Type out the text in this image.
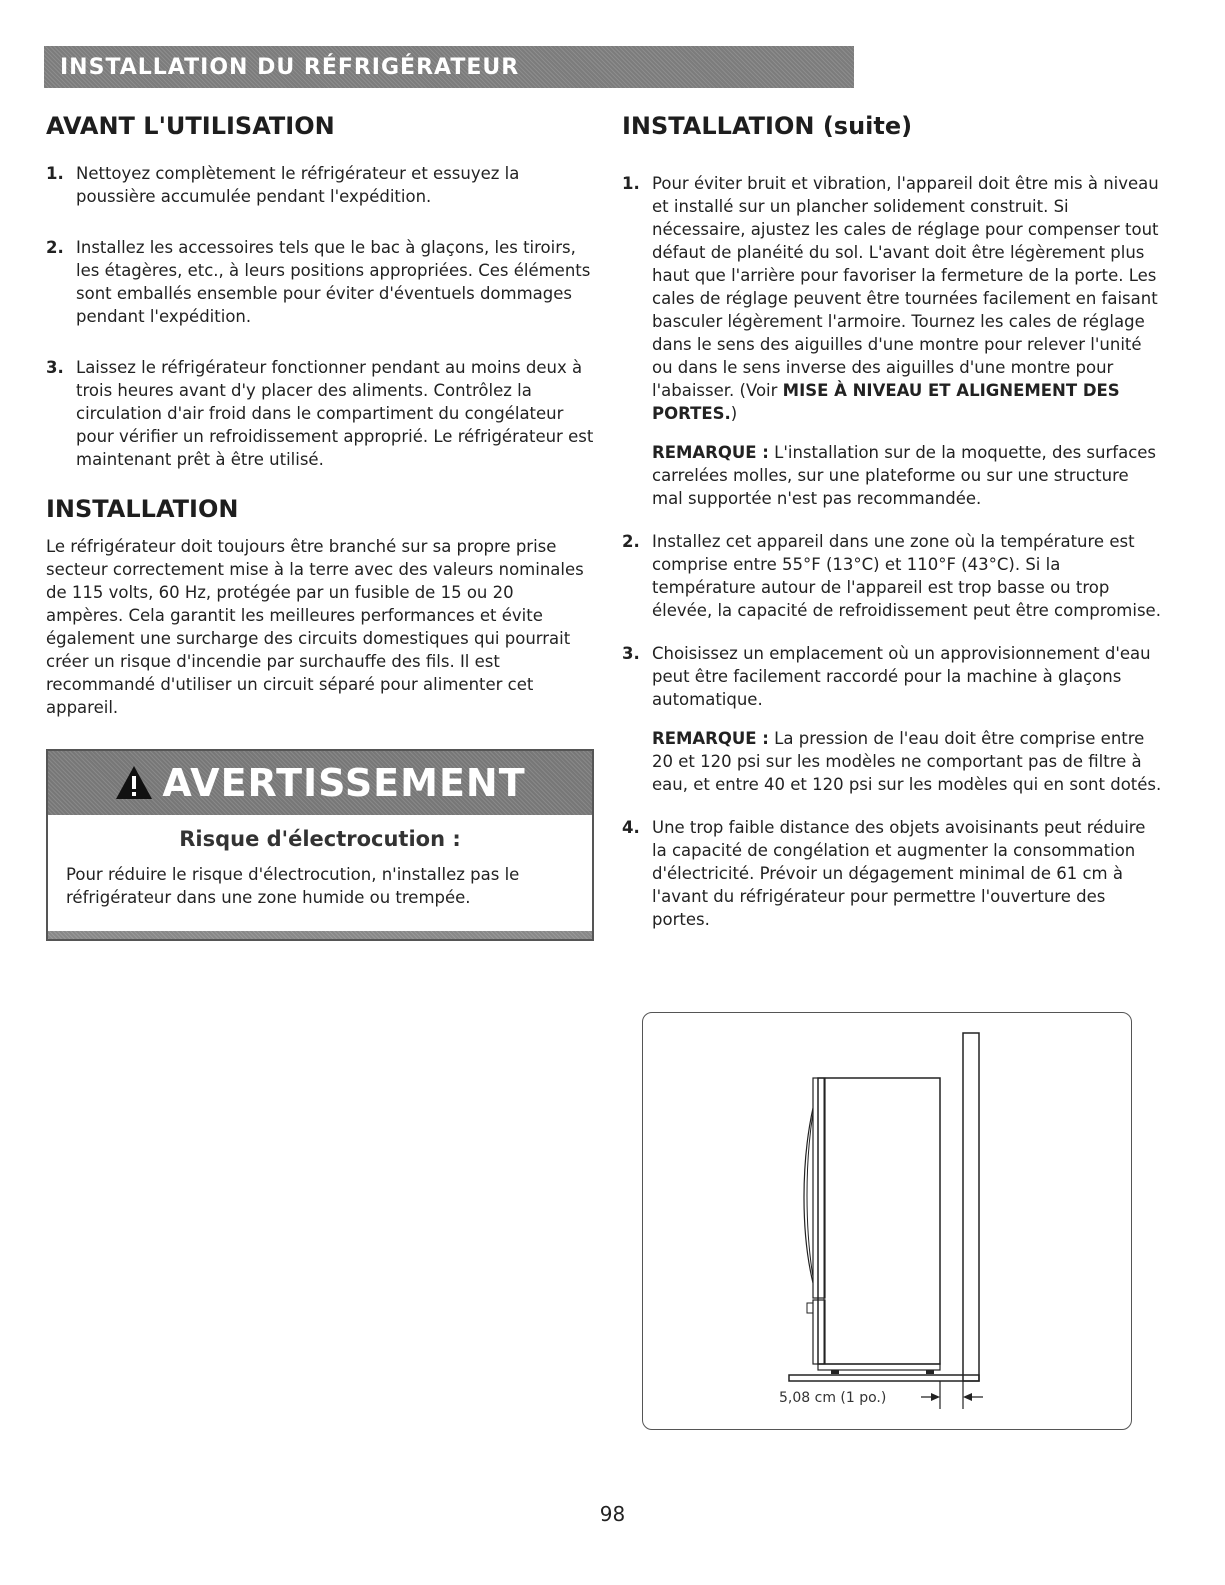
INSTALLATION DU RÉFRIGÉRATEUR
AVANT L'UTILISATION
1. Nettoyez complètement le réfrigérateur et essuyez la poussière accumulée pendant l'expédition.
2. Installez les accessoires tels que le bac à glaçons, les tiroirs, les étagères, etc., à leurs positions appropriées. Ces éléments sont emballés ensemble pour éviter d'éventuels dommages pendant l'expédition.
3. Laissez le réfrigérateur fonctionner pendant au moins deux à trois heures avant d'y placer des aliments. Contrôlez la circulation d'air froid dans le compartiment du congélateur pour vérifier un refroidissement approprié. Le réfrigérateur est maintenant prêt à être utilisé.
INSTALLATION

Le réfrigérateur doit toujours être branché sur sa propre prise secteur correctement mise à la terre avec des valeurs nominales de 115 volts, 60 Hz, protégée par un fusible de 15 ou 20 ampères. Cela garantit les meilleures performances et évite également une surcharge des circuits domestiques qui pourrait créer un risque d'incendie par surchauffe des fils. Il est recommandé d'utiliser un circuit séparé pour alimenter cet appareil.

AVERTISSEMENT
Risque d'électrocution :
Pour réduire le risque d'électrocution, n'installez pas le réfrigérateur dans une zone humide ou trempée.
INSTALLATION (suite)
1. Pour éviter bruit et vibration, l'appareil doit être mis à niveau et installé sur un plancher solidement construit. Si nécessaire, ajustez les cales de réglage pour compenser tout défaut de planéité du sol. L'avant doit être légèrement plus haut que l'arrière pour favoriser la fermeture de la porte. Les cales de réglage peuvent être tournées facilement en faisant basculer légèrement l'armoire. Tournez les cales de réglage dans le sens des aiguilles d'une montre pour relever l'unité ou dans le sens inverse des aiguilles d'une montre pour l'abaisser. (Voir MISE À NIVEAU ET ALIGNEMENT DES PORTES.)
REMARQUE : L'installation sur de la moquette, des surfaces carrelées molles, sur une plateforme ou sur une structure mal supportée n'est pas recommandée.
2. Installez cet appareil dans une zone où la température est comprise entre 55°F (13°C) et 110°F (43°C). Si la température autour de l'appareil est trop basse ou trop élevée, la capacité de refroidissement peut être compromise.
3. Choisissez un emplacement où un approvisionnement d'eau peut être facilement raccordé pour la machine à glaçons automatique.
REMARQUE : La pression de l'eau doit être comprise entre 20 et 120 psi sur les modèles ne comportant pas de filtre à eau, et entre 40 et 120 psi sur les modèles qui en sont dotés.
4. Une trop faible distance des objets avoisinants peut réduire la capacité de congélation et augmenter la consommation d'électricité. Prévoir un dégagement minimal de 61 cm à l'avant du réfrigérateur pour permettre l'ouverture des portes.
5,08 cm (1 po.)
98
